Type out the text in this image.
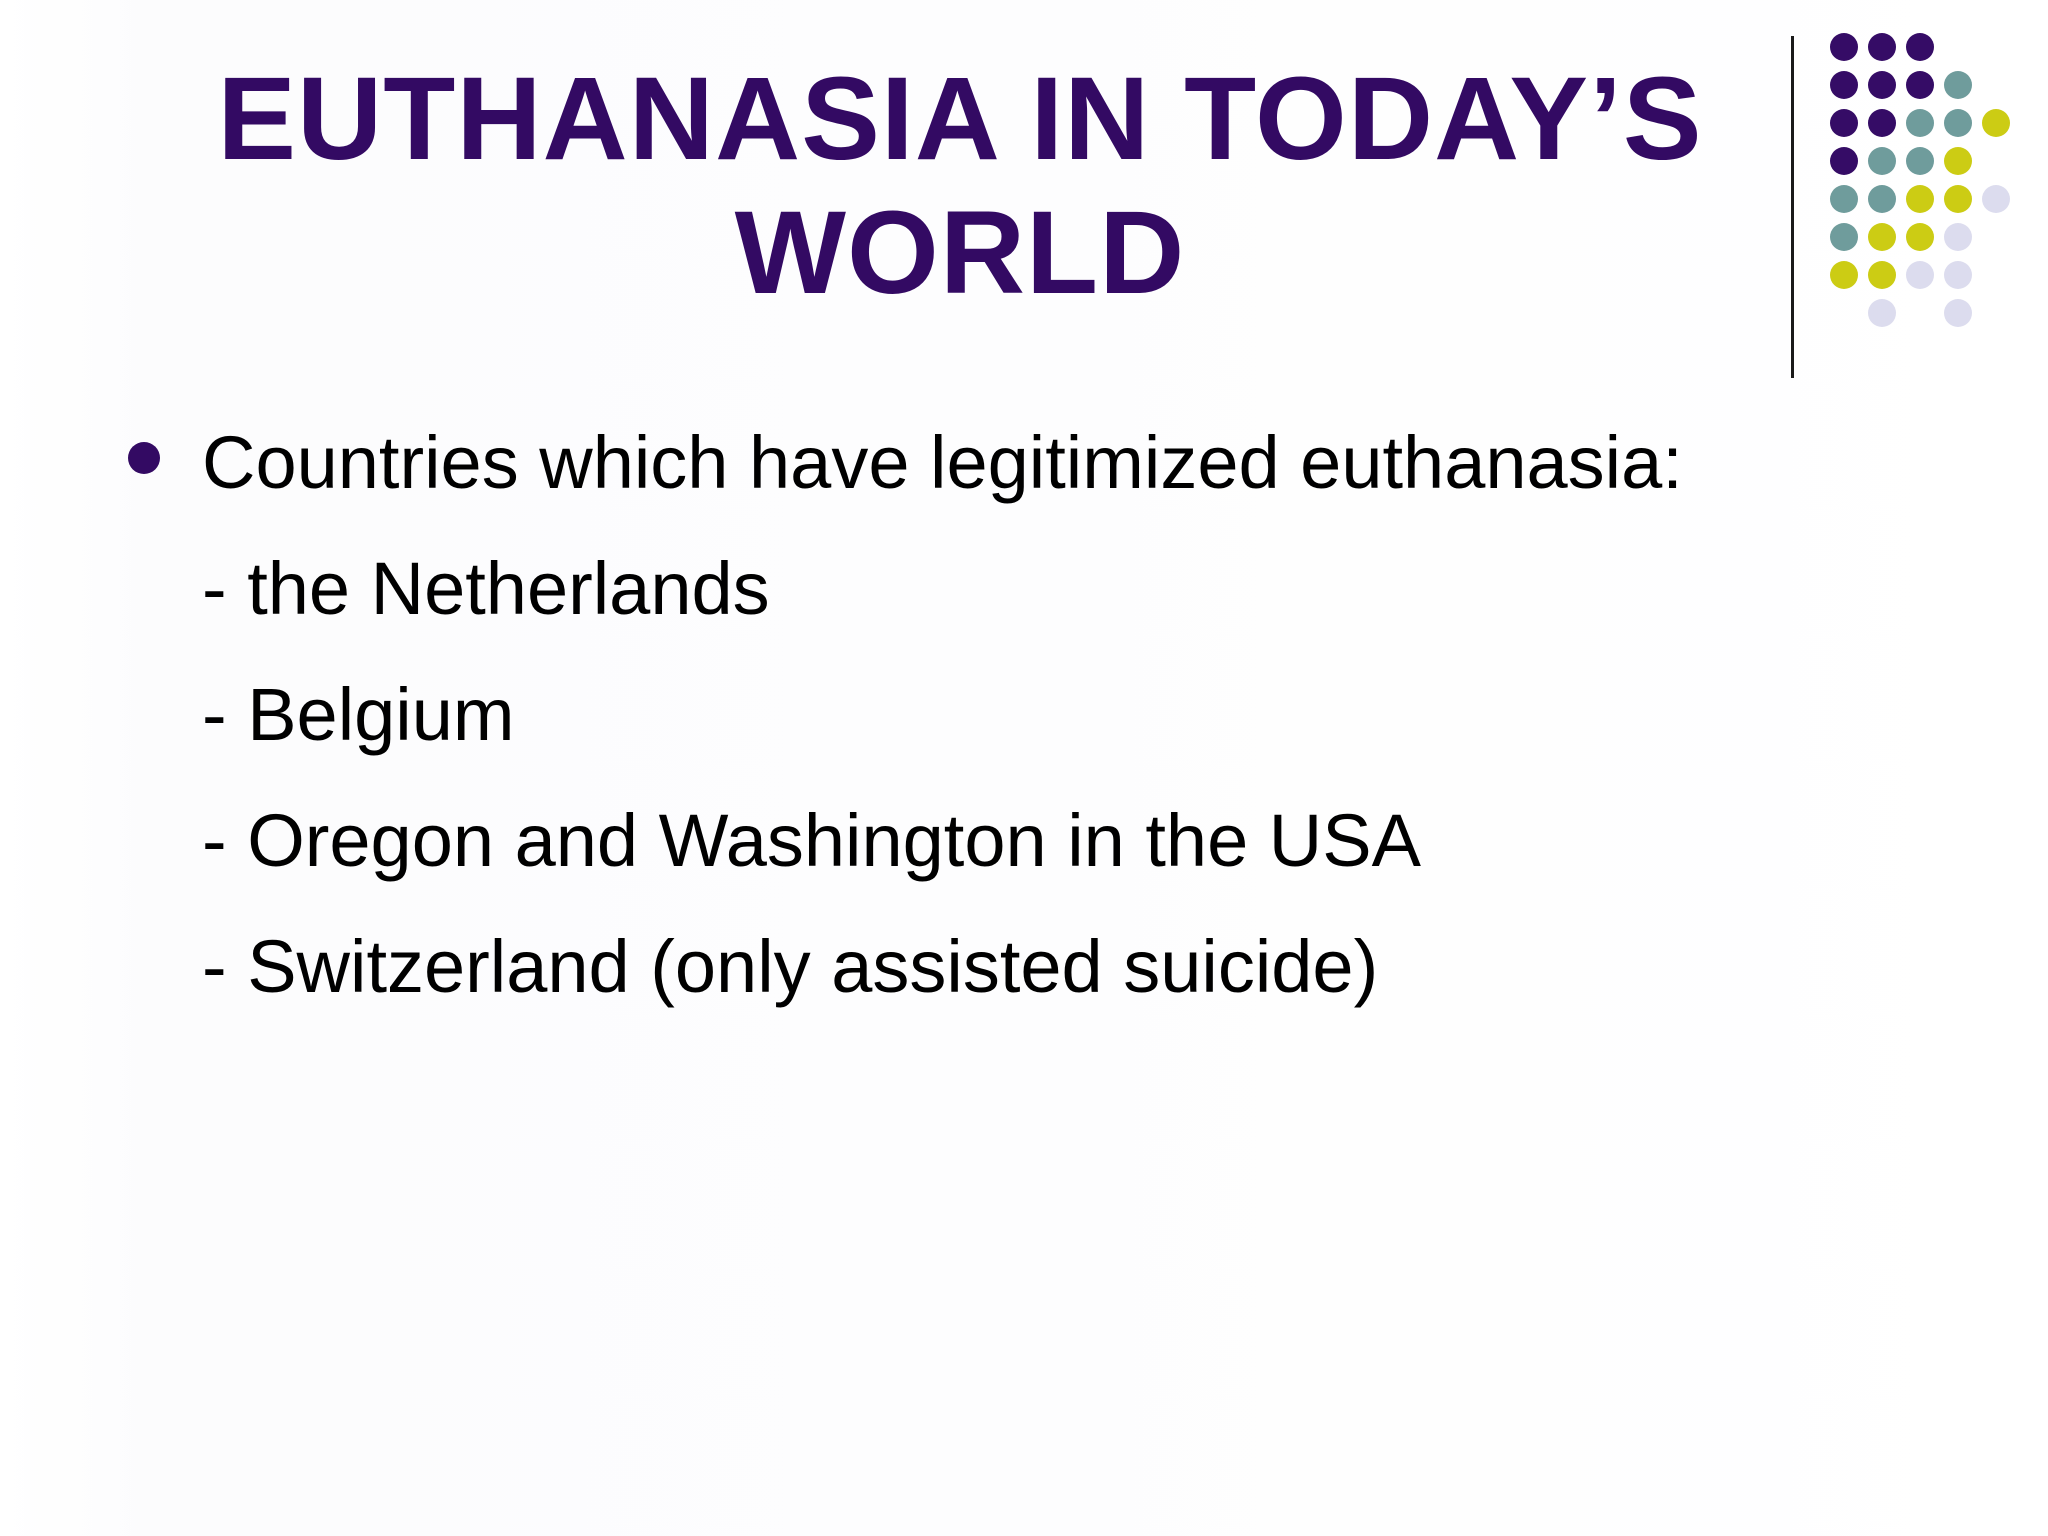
EUTHANASIA IN TODAY’S
WORLD
Countries which have legitimized euthanasia:
- the Netherlands
- Belgium
- Oregon and Washington in the USA
- Switzerland (only assisted suicide)
